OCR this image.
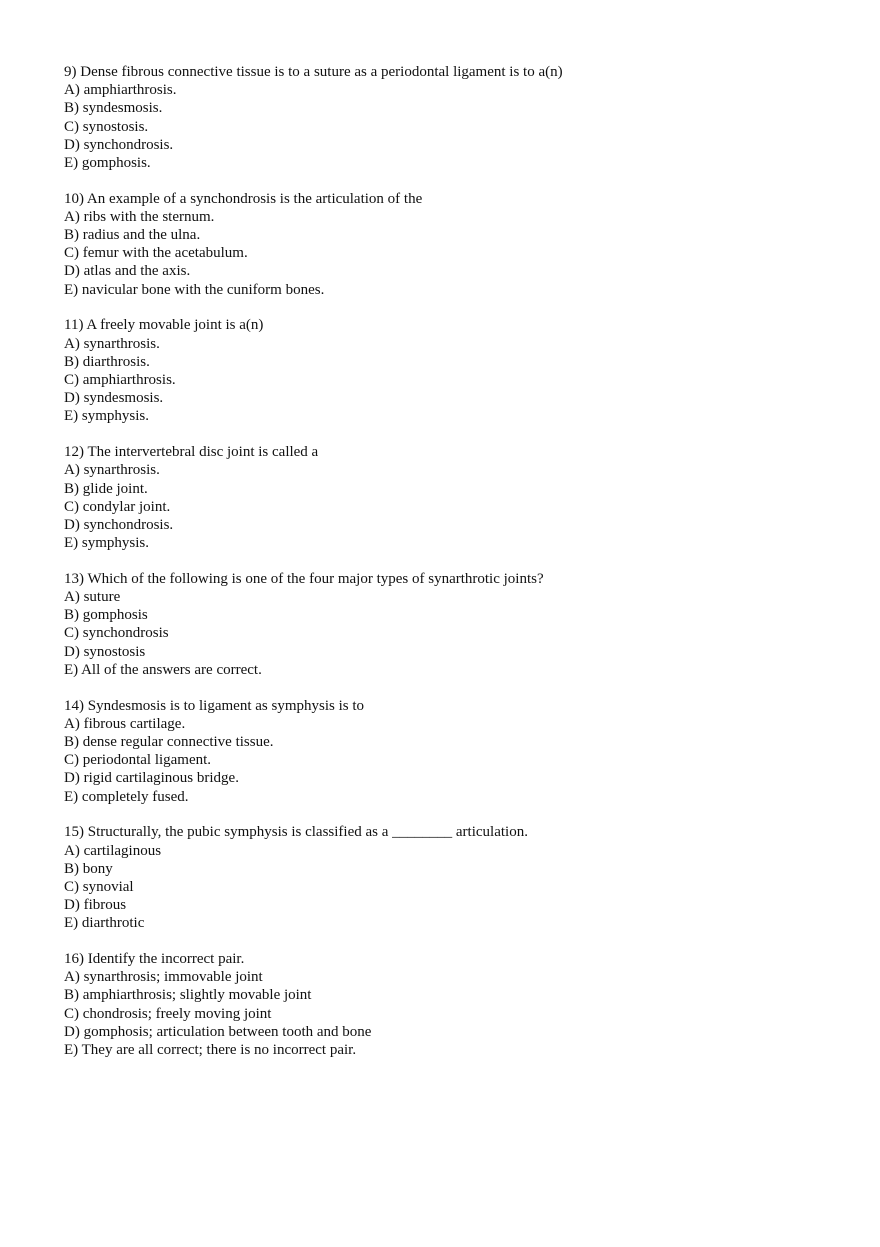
9) Dense fibrous connective tissue is to a suture as a periodontal ligament is to a(n)
A) amphiarthrosis.
B) syndesmosis.
C) synostosis.
D) synchondrosis.
E) gomphosis.
10) An example of a synchondrosis is the articulation of the
A) ribs with the sternum.
B) radius and the ulna.
C) femur with the acetabulum.
D) atlas and the axis.
E) navicular bone with the cuniform bones.
11) A freely movable joint is a(n)
A) synarthrosis.
B) diarthrosis.
C) amphiarthrosis.
D) syndesmosis.
E) symphysis.
12) The intervertebral disc joint is called a
A) synarthrosis.
B) glide joint.
C) condylar joint.
D) synchondrosis.
E) symphysis.
13) Which of the following is one of the four major types of synarthrotic joints?
A) suture
B) gomphosis
C) synchondrosis
D) synostosis
E) All of the answers are correct.
14) Syndesmosis is to ligament as symphysis is to
A) fibrous cartilage.
B) dense regular connective tissue.
C) periodontal ligament.
D) rigid cartilaginous bridge.
E) completely fused.
15) Structurally, the pubic symphysis is classified as a ________ articulation.
A) cartilaginous
B) bony
C) synovial
D) fibrous
E) diarthrotic
16) Identify the incorrect pair.
A) synarthrosis; immovable joint
B) amphiarthrosis; slightly movable joint
C) chondrosis; freely moving joint
D) gomphosis; articulation between tooth and bone
E) They are all correct; there is no incorrect pair.
